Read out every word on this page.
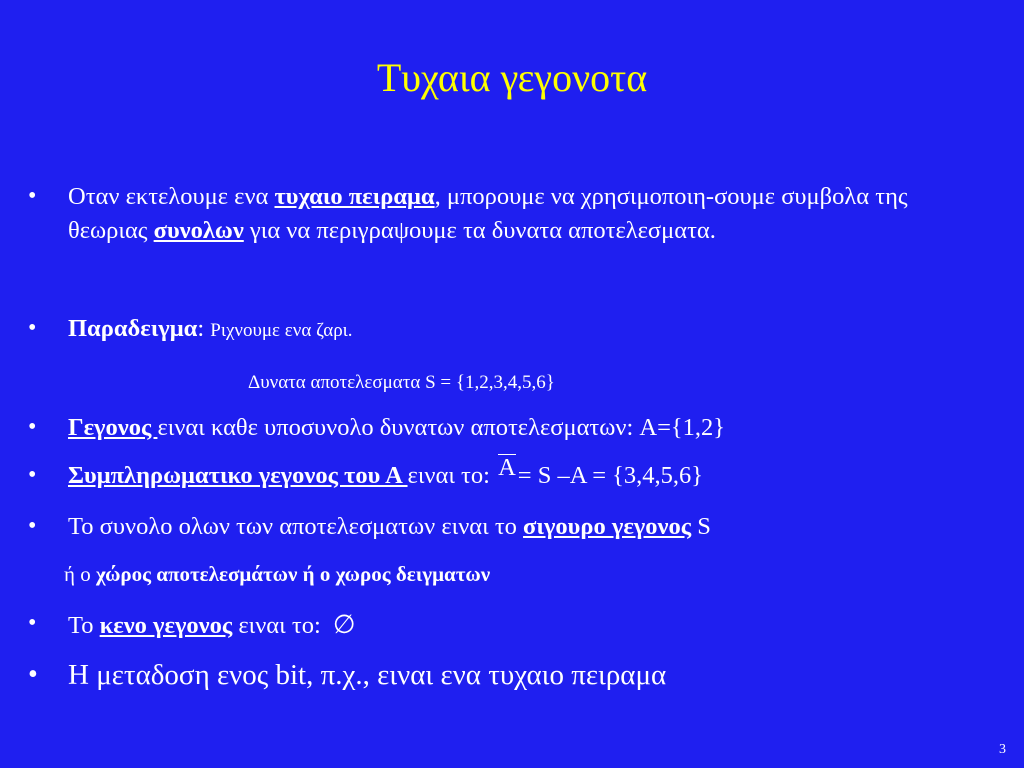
Τυχαια γεγονοτα
• Οταν εκτελουμε ενα τυχαιο πειραμα, μπορουμε να χρησιμοποιη-σουμε συμβολα της θεωριας συνολων για να περιγραψουμε τα δυνατα αποτελεσματα.
• Παραδειγμα: Ριχνουμε ενα ζαρι.
Δυνατα αποτελεσματα S = {1,2,3,4,5,6}
• Γεγονος ειναι καθε υποσυνολο δυνατων αποτελεσματων: A={1,2}
• Συμπληρωματικο γεγονος του Α ειναι το: A= S –A = {3,4,5,6}
• Το συνολο ολων των αποτελεσματων ειναι το σιγουρο γεγονος S
ή ο χώρος αποτελεσμάτων ή ο χωρος δειγματων
• Το κενο γεγονος ειναι το: ∅
• Η μεταδοση ενος bit, π.χ., ειναι ενα τυχαιο πειραμα
3
